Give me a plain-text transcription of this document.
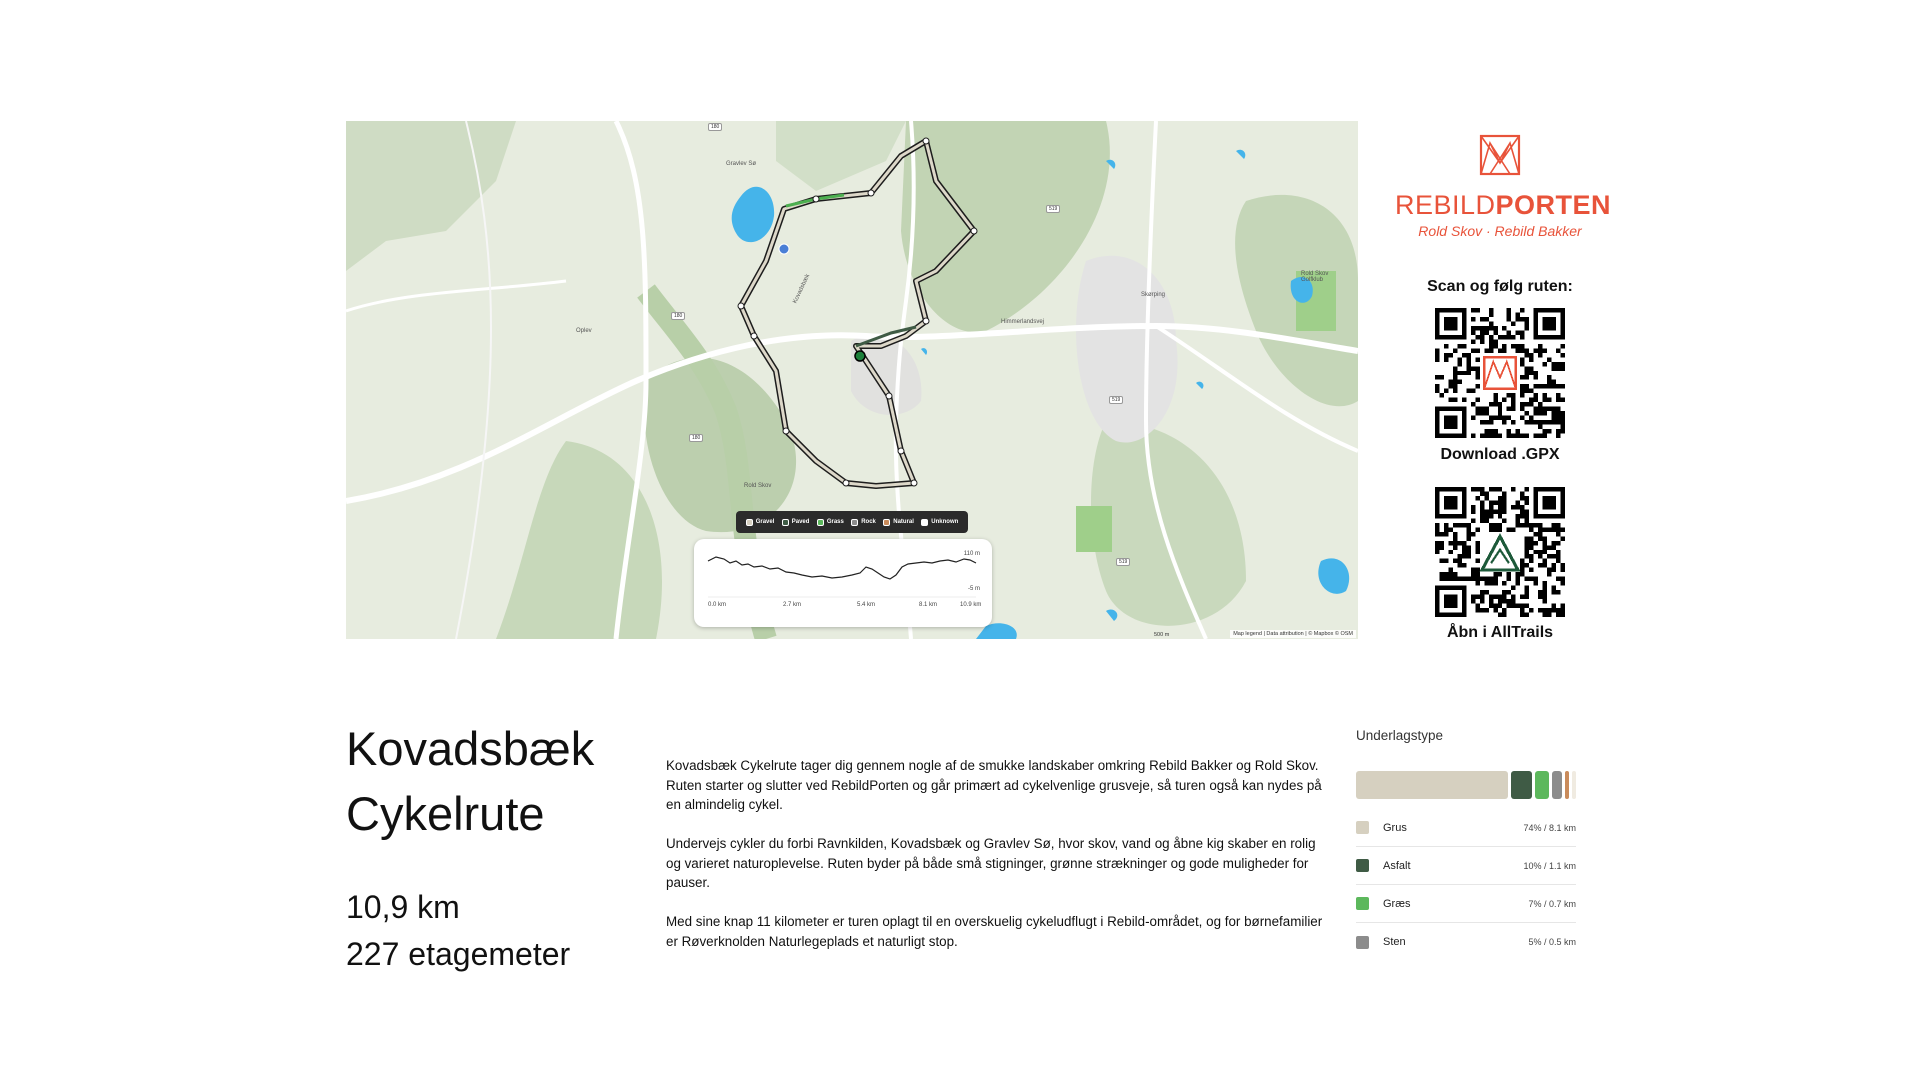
Rold Skov
Skørping
Rold Skov Golfklub
Oplev
Himmerlandsvej
Kovadsbæk
Gravlev Sø
180
180
180
519
519
519
Gravel	Paved	Grass	Rock	Natural	Unknown
110 m
-5 m
0.0 km	2.7 km	5.4 km	8.1 km	10.9 km
500 m	Map legend | Data attribution | © Mapbox © OSM
REBILDPORTEN
Rold Skov · Rebild Bakker
Scan og følg ruten:
Download .GPX
Åbn i AllTrails
Kovadsbæk
Cykelrute
10,9 km
227 etagemeter

Kovadsbæk Cykelrute tager dig gennem nogle af de smukke landskaber omkring Rebild Bakker og Rold Skov. Ruten starter og slutter ved RebildPorten og går primært ad cykelvenlige grusveje, så turen også kan nydes på en almindelig cykel.

Undervejs cykler du forbi Ravnkilden, Kovadsbæk og Gravlev Sø, hvor skov, vand og åbne kig skaber en rolig og varieret naturoplevelse. Ruten byder på både små stigninger, grønne strækninger og gode muligheder for pauser.

Med sine knap 11 kilometer er turen oplagt til en overskuelig cykeludflugt i Rebild-området, og for børnefamilier er Røverknolden Naturlegeplads et naturligt stop.

Underlagstype
Grus	74% / 8.1 km
Asfalt	10% / 1.1 km
Græs	7% / 0.7 km
Sten	5% / 0.5 km
